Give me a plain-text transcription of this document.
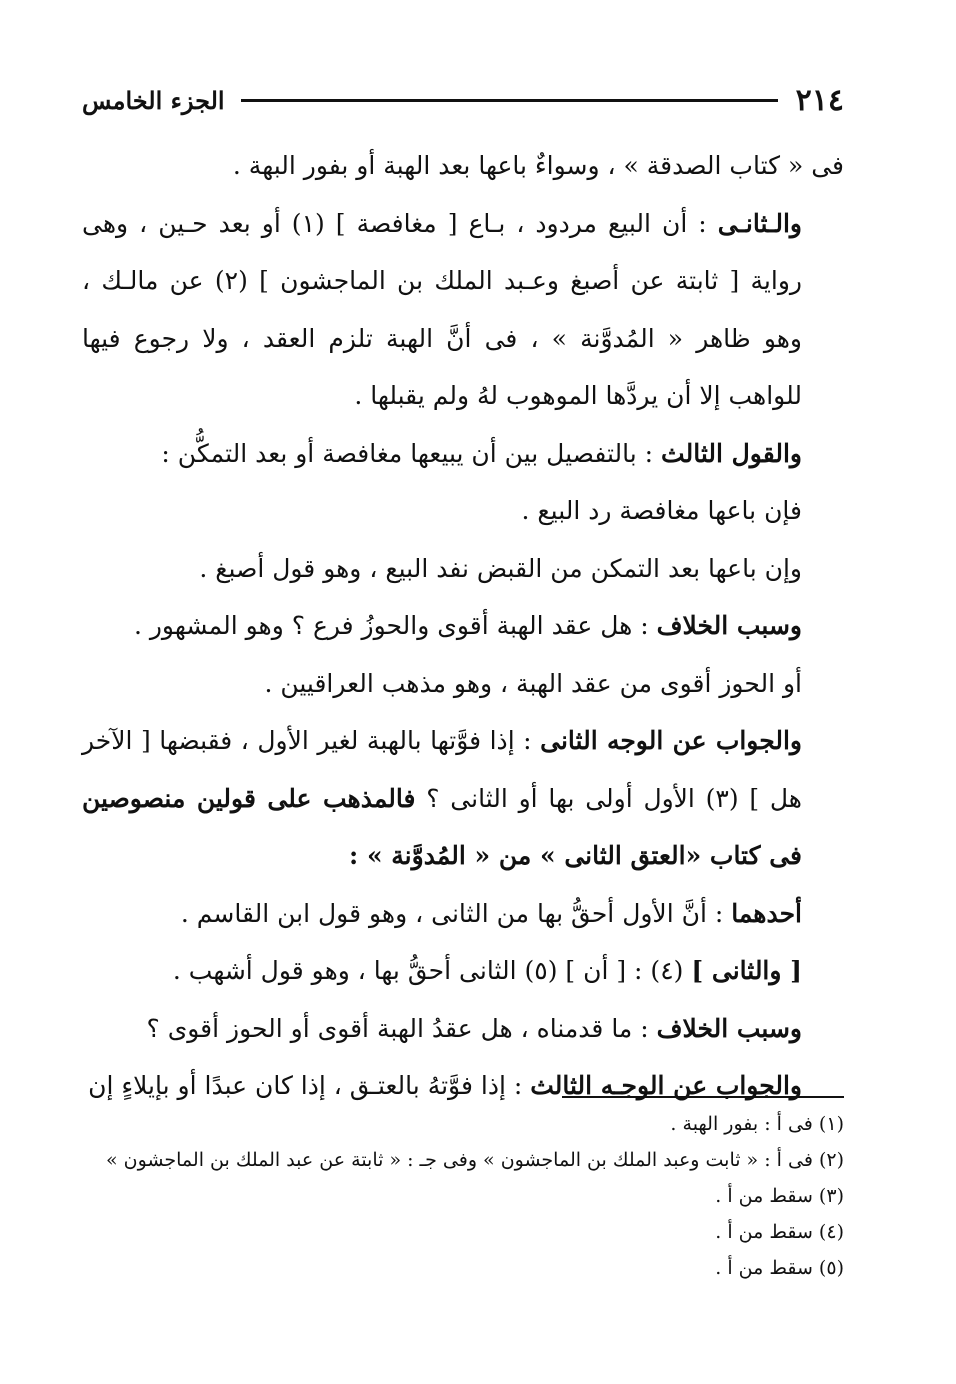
٢١٤
الجزء الخامس

فى « كتاب الصدقة » ، وسواءٌ باعها بعد الهبة أو بفور البهة .

والـثانـى : أن البيع مردود ، بـاع [ مغافصة ] (١) أو بعد حـين ، وهى رواية [ ثابتة عن أصبغ وعـبد الملك بن الماجشون ] (٢) عن مالـك ، وهو ظاهر « المُدوَّنة » ، فى أنَّ الهبة تلزم العقد ، ولا رجوع فيها للواهب إلا أن يردَّها الموهوب لهُ ولم يقبلها .

والقول الثالث : بالتفصيل بين أن يبيعها مغافصة أو بعد التمكُّن :

فإن باعها مغافصة رد البيع .

وإن باعها بعد التمكن من القبض نفد البيع ، وهو قول أصبغ .

وسبب الخلاف : هل عقد الهبة أقوى والحوزُ فرع ؟ وهو المشهور .

أو الحوز أقوى من عقد الهبة ، وهو مذهب العراقيين .

والجواب عن الوجه الثانى : إذا فوَّتها بالهبة لغير الأول ، فقبضها [ الآخر هل ] (٣) الأول أولى بها أو الثانى ؟ فالمذهب على قولين منصوصين فى كتاب «العتق الثانى » من « المُدوَّنة » :

أحدهما : أنَّ الأول أحقُّ بها من الثانى ، وهو قول ابن القاسم .

[ والثانى ] (٤) : [ أن ] (٥) الثانى أحقُّ بها ، وهو قول أشهب .

وسبب الخلاف : ما قدمناه ، هل عقدُ الهبة أقوى أو الحوز أقوى ؟

والجواب عن الوجـه الثالث : إذا فوَّتهُ بالعتـق ، إذا كان عبدًا أو بإيلاءٍ إن

(١) فى أ : بفور الهبة .

(٢) فى أ : « ثابت وعبد الملك بن الماجشون » وفى جـ : « ثابتة عن عبد الملك بن الماجشون »

(٣) سقط من أ .

(٤) سقط من أ .

(٥) سقط من أ .
